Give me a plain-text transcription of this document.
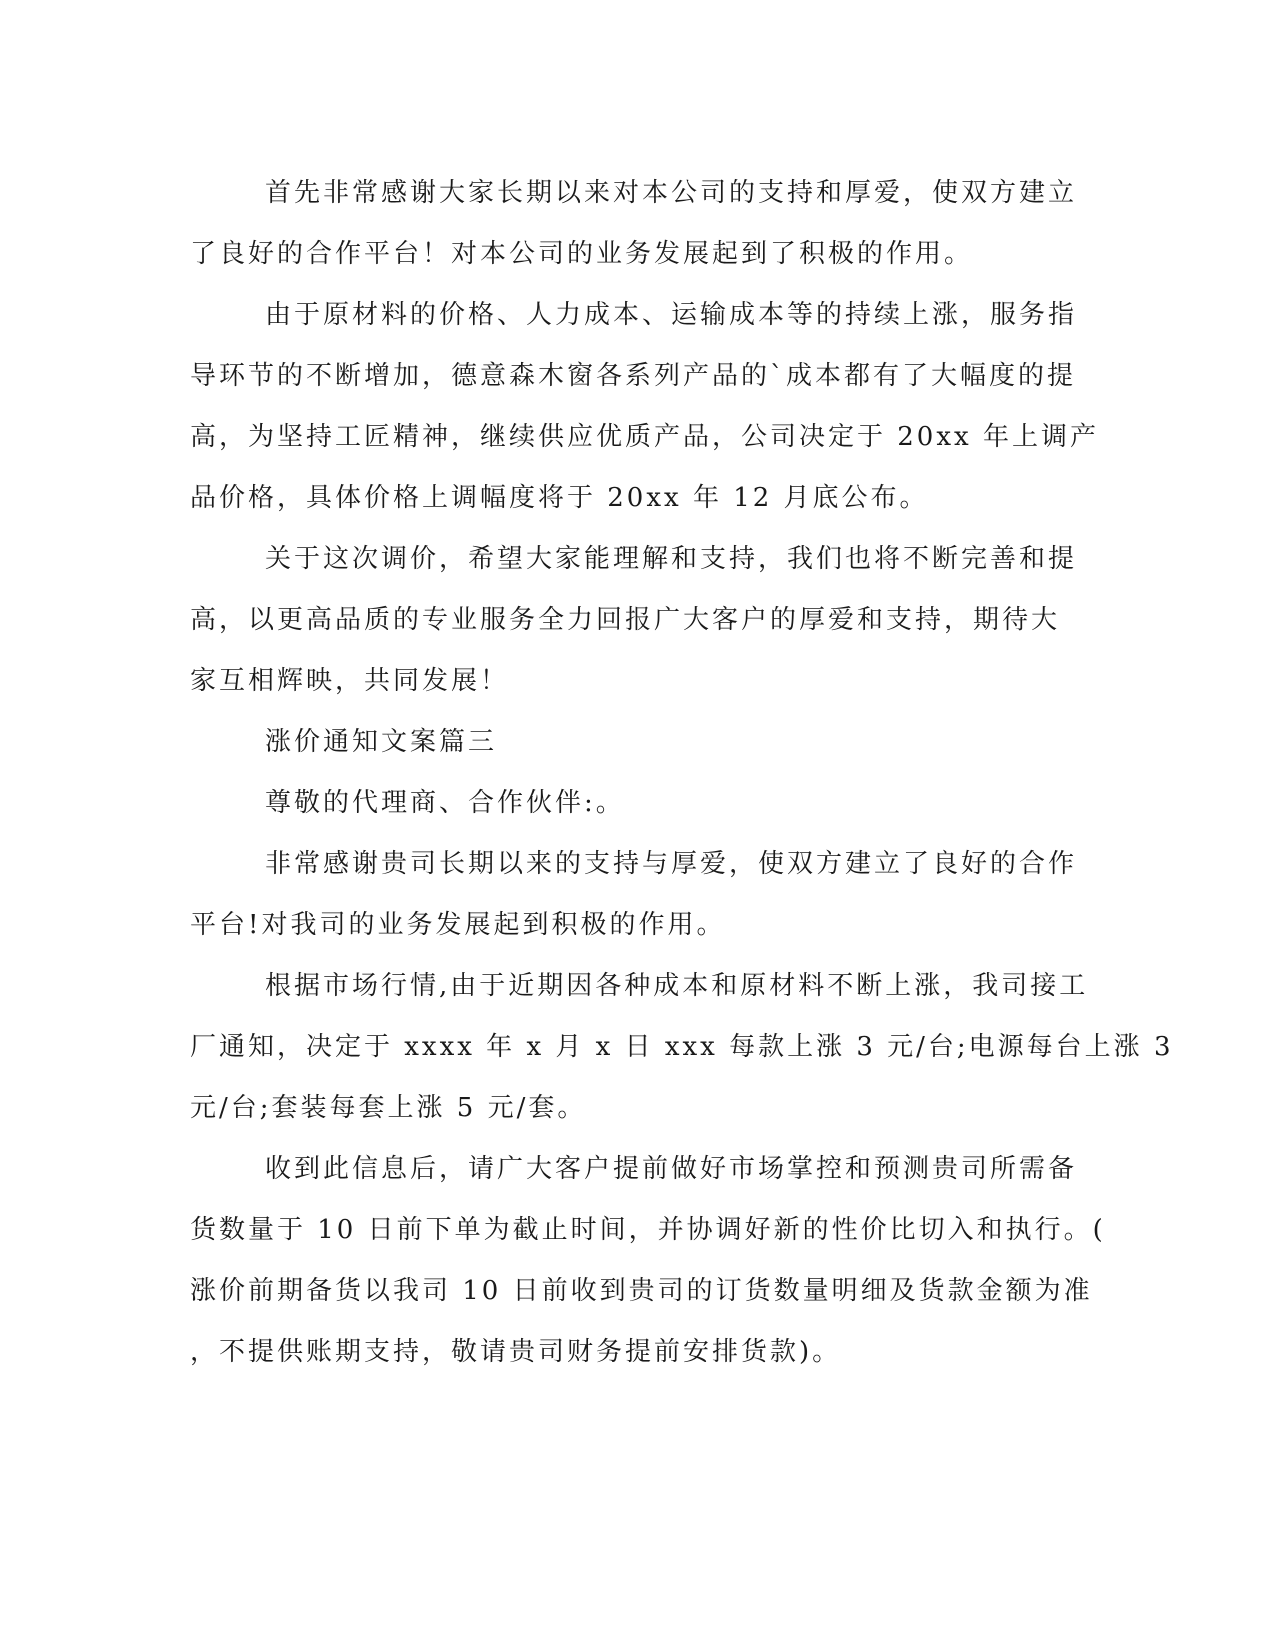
首先非常感谢大家长期以来对本公司的支持和厚爱，使双方建立
了良好的合作平台！对本公司的业务发展起到了积极的作用。

由于原材料的价格、人力成本、运输成本等的持续上涨，服务指
导环节的不断增加，德意森木窗各系列产品的`成本都有了大幅度的提
高，为坚持工匠精神，继续供应优质产品，公司决定于 20xx 年上调产
品价格，具体价格上调幅度将于 20xx 年 12 月底公布。

关于这次调价，希望大家能理解和支持，我们也将不断完善和提
高，以更高品质的专业服务全力回报广大客户的厚爱和支持，期待大
家互相辉映，共同发展！

涨价通知文案篇三

尊敬的代理商、合作伙伴:。

非常感谢贵司长期以来的支持与厚爱，使双方建立了良好的合作
平台!对我司的业务发展起到积极的作用。

根据市场行情,由于近期因各种成本和原材料不断上涨，我司接工
厂通知，决定于 xxxx 年 x 月 x 日 xxx 每款上涨 3 元/台;电源每台上涨 3
元/台;套装每套上涨 5 元/套。

收到此信息后，请广大客户提前做好市场掌控和预测贵司所需备
货数量于 10 日前下单为截止时间，并协调好新的性价比切入和执行。(
涨价前期备货以我司 10 日前收到贵司的订货数量明细及货款金额为准
，不提供账期支持，敬请贵司财务提前安排货款)。
